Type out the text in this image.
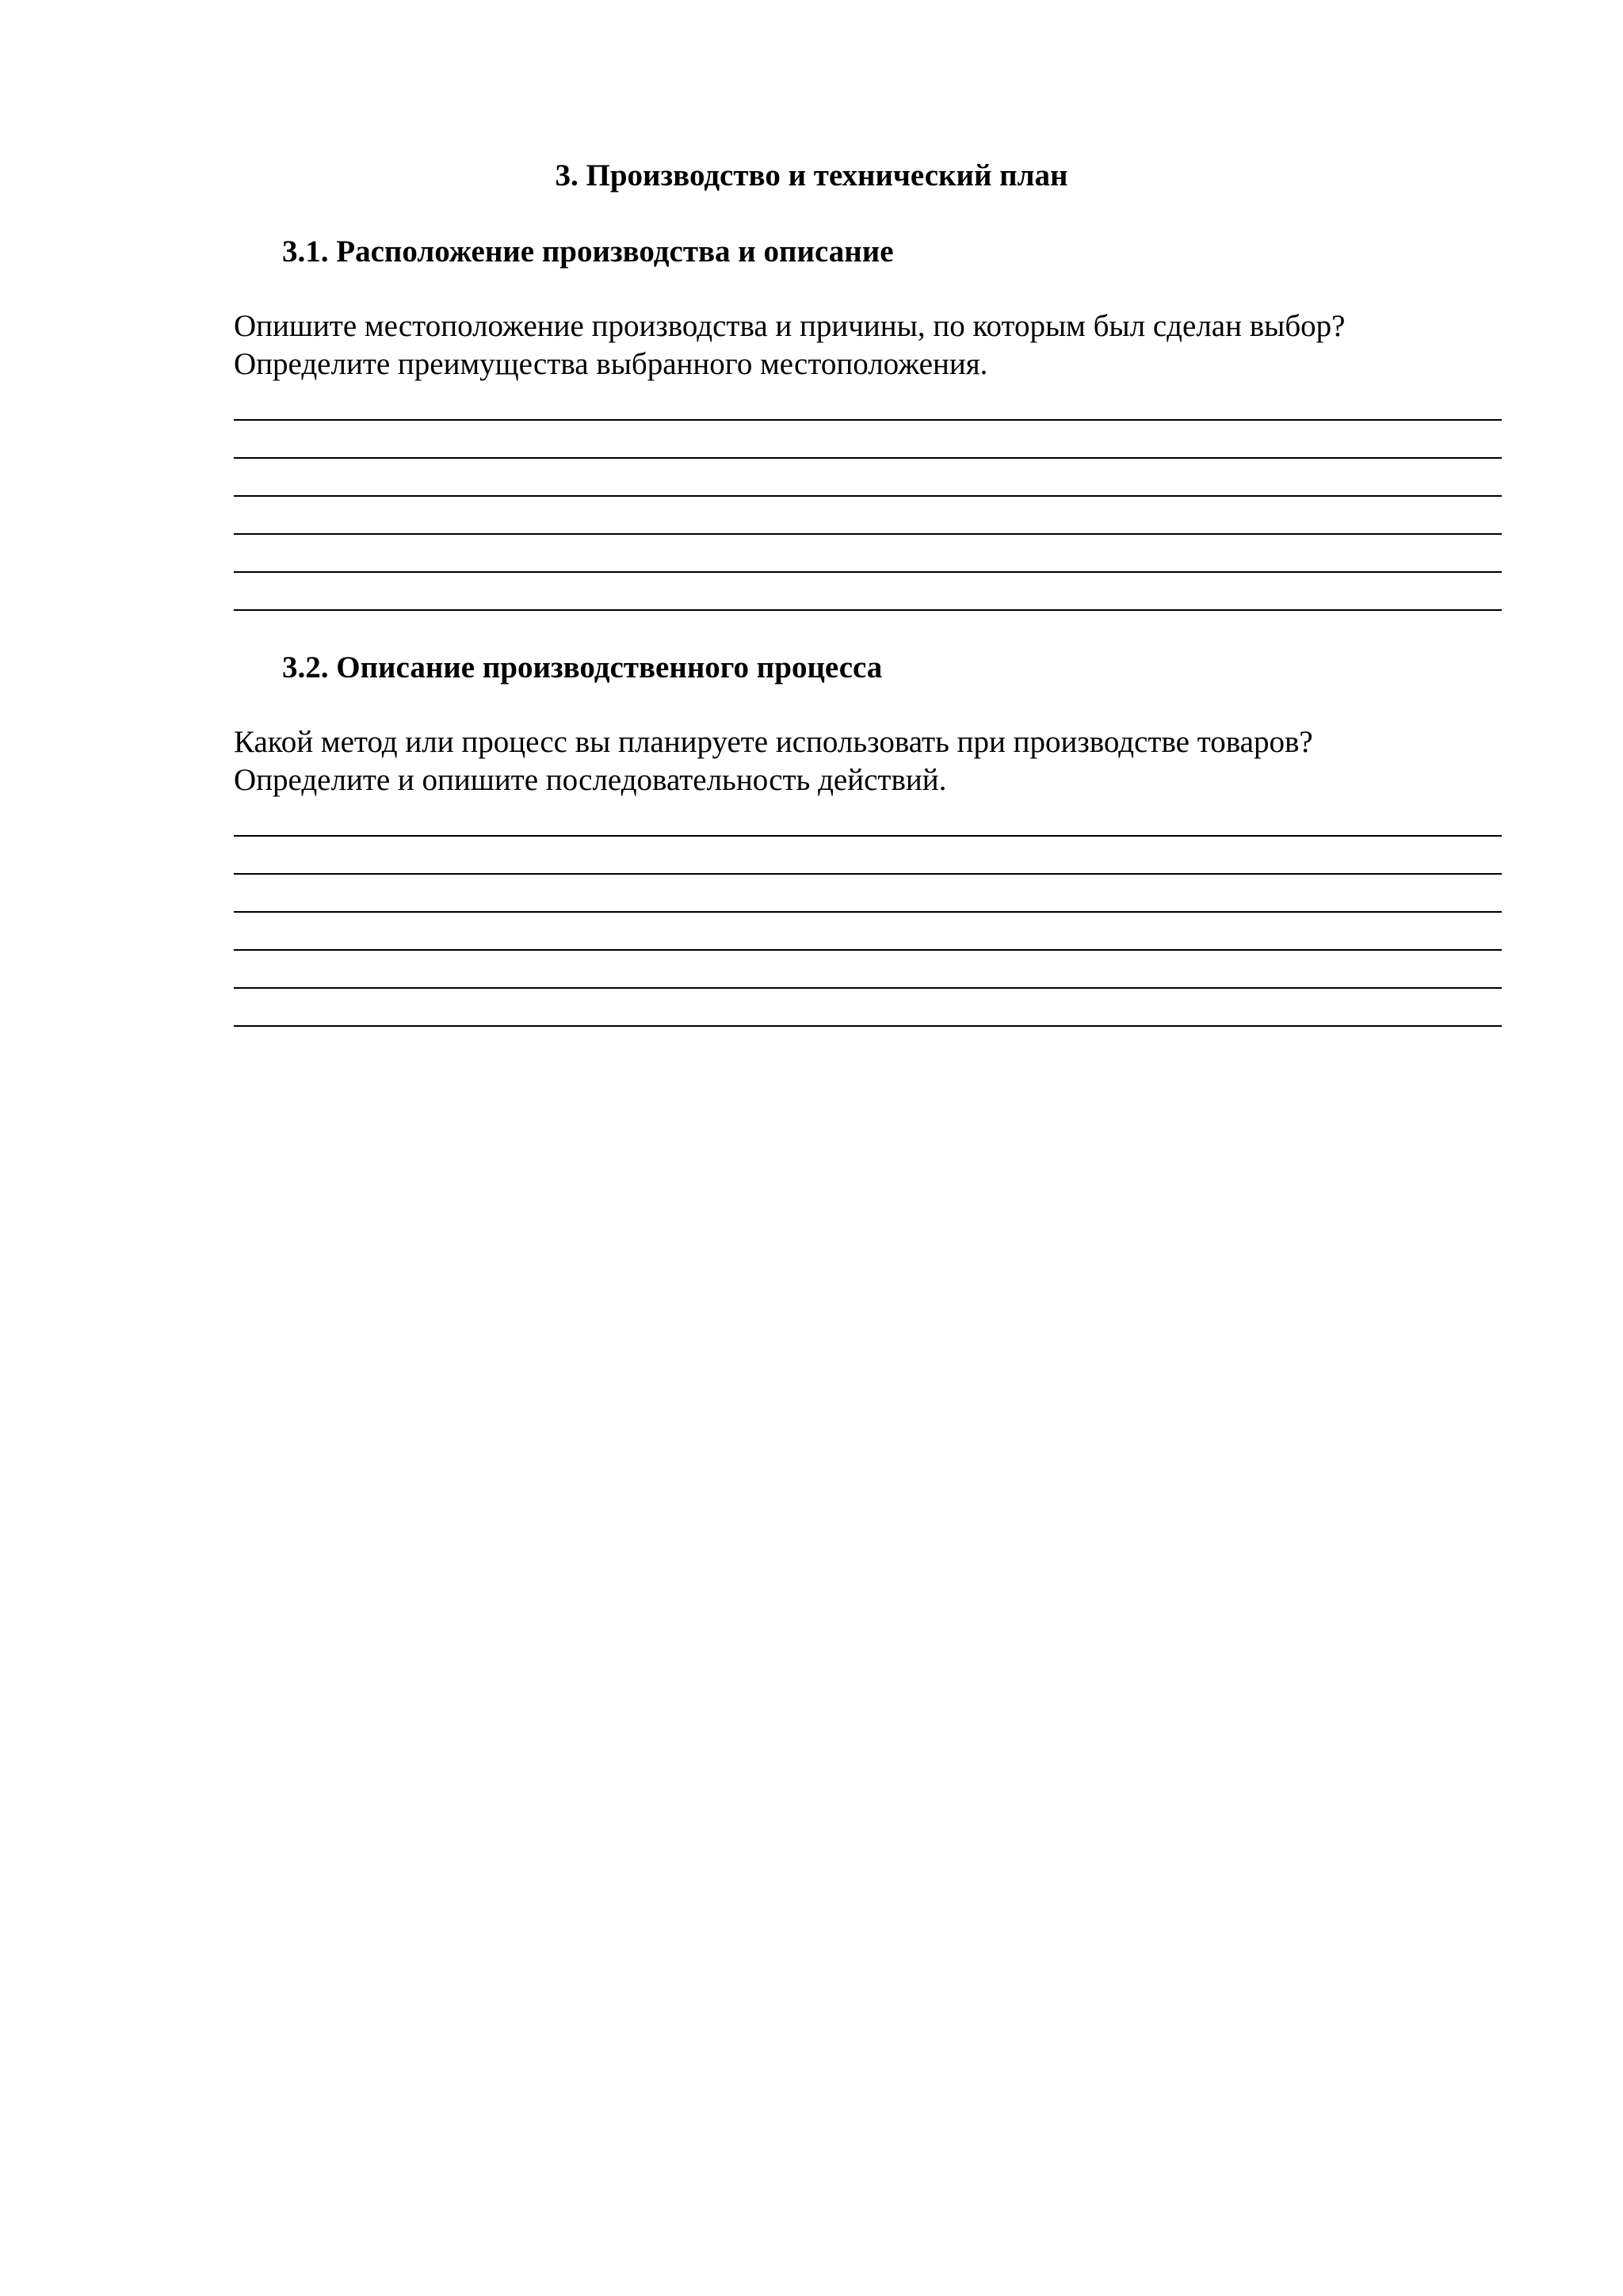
3. Производство и технический план
3.1. Расположение производства и описание

Опишите местоположение производства и причины, по которым был сделан выбор?
Определите преимущества выбранного местоположения.

3.2. Описание производственного процесса

Какой метод или процесс вы планируете использовать при производстве товаров?
Определите и опишите последовательность действий.
